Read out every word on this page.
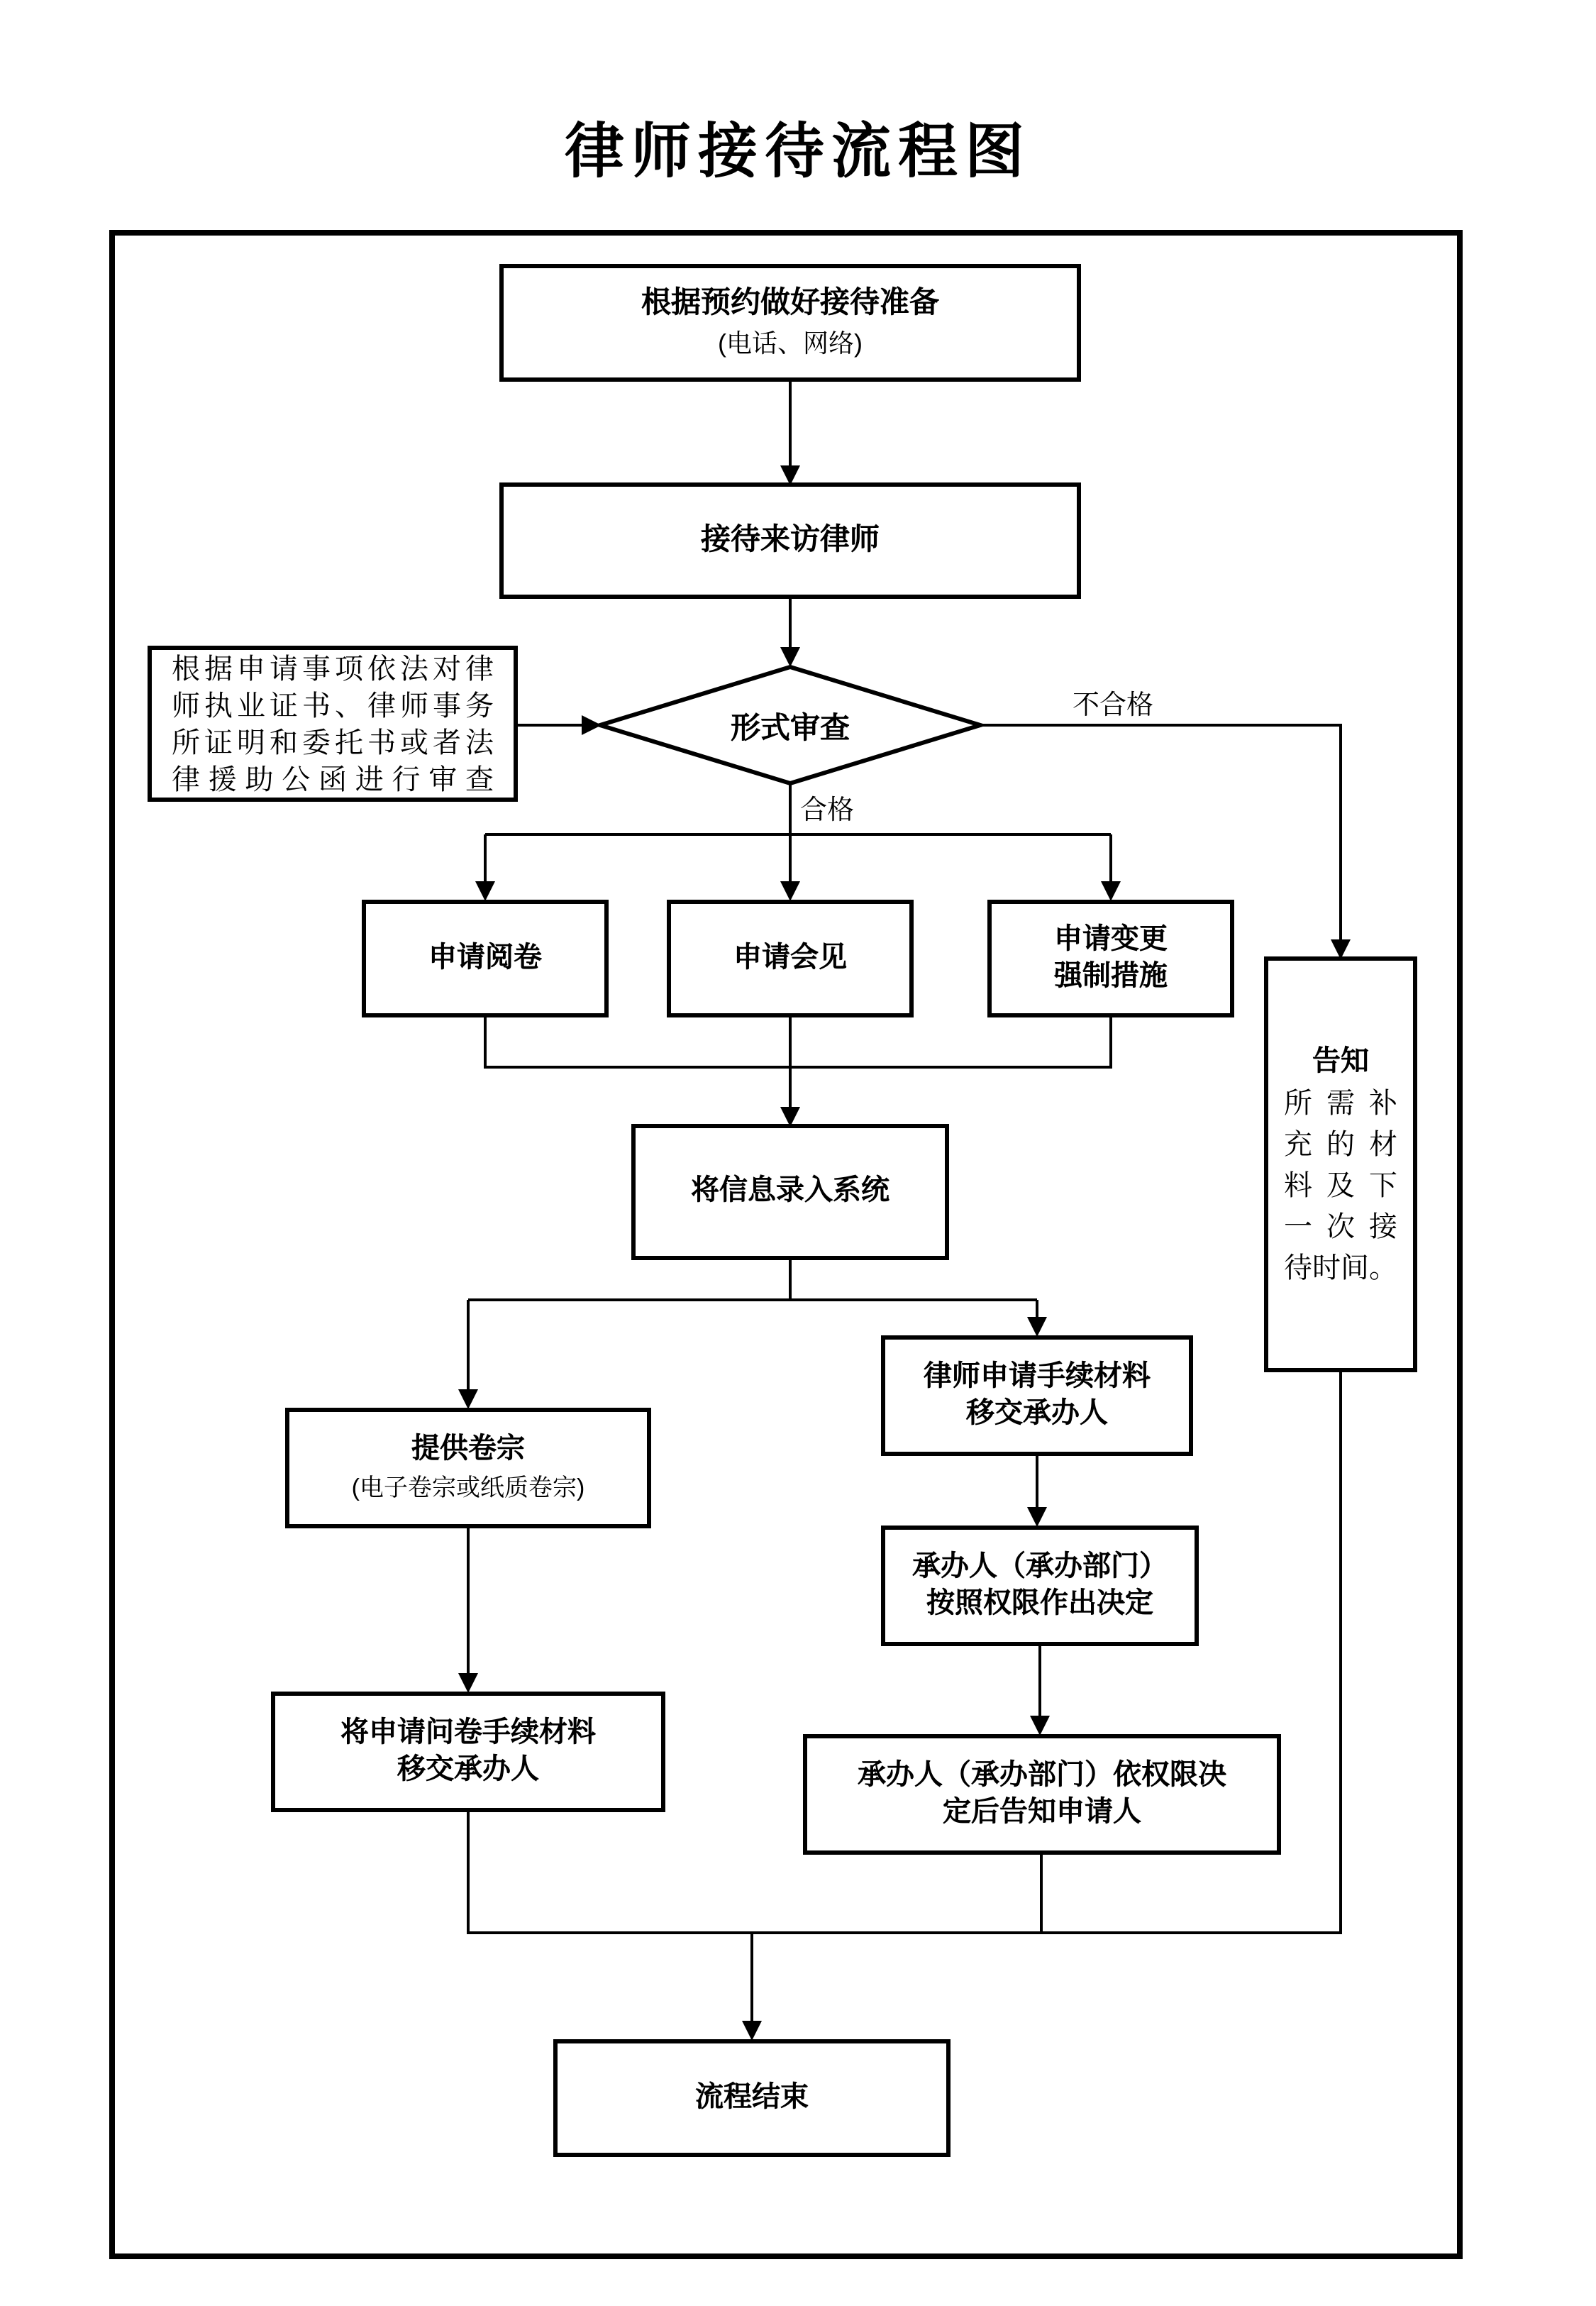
律师接待流程图
根据预约做好接待准备
(电话、网络)
接待来访律师
根据申请事项依法对律
师执业证书、律师事务
所证明和委托书或者法
律援助公函进行审查
形式审查
合格
不合格
申请阅卷	申请会见
申请变更
强制措施
将信息录入系统
告知
所需补
充的材
料及下
一次接
待时间。
提供卷宗
(电子卷宗或纸质卷宗)
律师申请手续材料
移交承办人
承办人（承办部门）
按照权限作出决定
将申请问卷手续材料
移交承办人	承办人（承办部门）依权限决
定后告知申请人
流程结束
